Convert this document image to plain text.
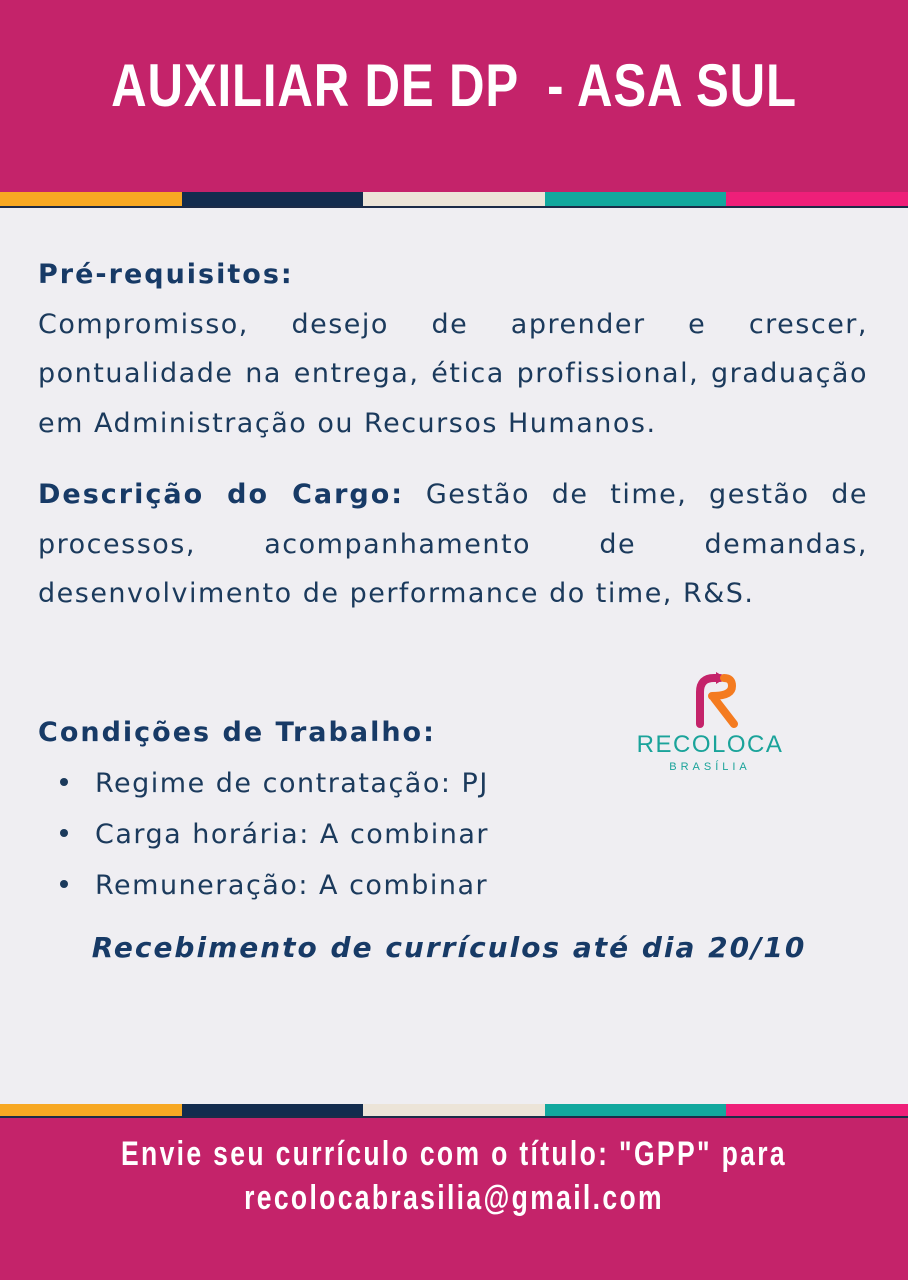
AUXILIAR DE DP  - ASA SUL

Pré-requisitos:

Compromisso, desejo de aprender e crescer, pontualidade na entrega, ética profissional, graduação em Administração ou Recursos Humanos.

Descrição do Cargo: Gestão de time, gestão de processos, acompanhamento de demandas, desenvolvimento de performance do time, R&S.

Condições de Trabalho:
Regime de contratação: PJ
Carga horária: A combinar
Remuneração: A combinar
RECOLOCA
BRASÍLIA
Recebimento de currículos até dia 20/10
Envie seu currículo com o título: "GPP" para
recolocabrasilia@gmail.com
